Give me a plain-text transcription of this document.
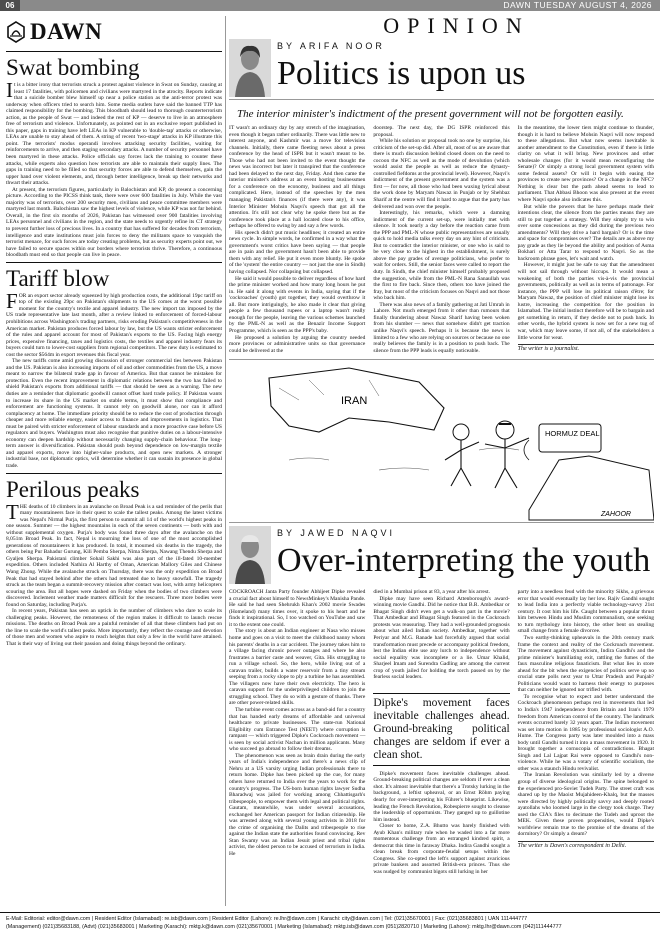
06	DAWN TUESDAY AUGUST 4, 2026
DAWN
Swat bombing

It is a bitter irony that terrorists struck a protest against violence in Swat on Sunday, causing at least 17 fatalities, with policemen and civilians were martyred in the atrocity. Reports indicate that a suicide bomber blew himself up near a police station as the anti-terror protest was underway when officers tried to search him. Some media outlets have said the banned TTP has claimed responsibility for the bombing. This bloodbath should lead to thorough counterterrorism action, as the people of Swat — and indeed the rest of KP — deserve to live in an atmosphere free of terrorism and violence. Unfortunately, as pointed out in an exclusive report published in this paper, gaps in training have left LEAs in KP vulnerable to 'double-tap' attacks or otherwise, LEAs are unable to stay ahead of them. A string of recent 'two-stage' attacks in KP illustrate this point. The terrorists' modus operandi involves attacking security facilities, waiting for reinforcements to arrive, and then staging secondary attacks. A number of security personnel have been martyred in these attacks. Police officials say forces lack the training to counter these attacks, while experts also question how terrorists are able to maintain their supply lines. The gaps in training need to be filled so that security forces are able to defend themselves, gain the upper hand over violent elements, and, through better intelligence, break up their networks and thwart their attacks.

At present, the terrorism figures, particularly in Balochistan and KP, do present a concerning picture. According to the PICSS think tank, there were over 600 fatalities in July. While the vast majority was of terrorists, over 200 security men, civilians and peace committee members were martyred last month. Balochistan saw the highest levels of violence, while KP was not far behind. Overall, in the first six months of 2026, Pakistan has witnessed over 900 fatalities involving LEAs personnel and civilians in the region, and the state needs to urgently refine its CT strategy to prevent further loss of precious lives. In a country that has suffered for decades from terrorism, intelligence and state institutions must join forces to deny the militants space to vanquish the terrorist menace, for such forces are today creating problems, but as security experts point out, we have failed to secure spaces within our borders where terrorists thrive. Therefore, a continuous bloodbath must end so that people can live in peace.

Tariff blow

FOR an export sector already squeezed by high production costs, the additional 19pc tariff on top of the existing 29pc on Pakistan's shipments to the US comes at the worst possible moment for the country's textile and apparel industry. The new import tax imposed by the US trade representative late last month, after a review linked to enforcement of forced-labour prohibitions across Washington's trading partners, risks eroding Pakistan's competitiveness in the American market. Pakistan produces forced labour by law, but the US wants stricter enforcement of the rules and apparel account for most of Pakistan's exports to the US. Facing high energy prices, expensive financing, taxes and logistics costs, the textiles and apparel industry fears its buyers could turn to lower-cost suppliers from regional competitors. The new duty is estimated to cost the sector $564m in export revenues this fiscal year.

The new tariffs come amid growing discussion of stronger commercial ties between Pakistan and the US. Pakistan is also increasing imports of oil and other commodities from the US, a move meant to narrow the bilateral trade gap in favour of America. But that cannot be mistaken for protection. Even the recent improvement in diplomatic relations between the two has failed to shield Pakistan's exports from additional tariffs — that should be seen as a warning. The new duties are a reminder that diplomatic goodwill cannot offset hard trade policy. If Pakistan wants to increase its share in the US market on stable terms, it must show that compliance and enforcement are functioning systems. It cannot rely on goodwill alone, nor can it afford complacency at home. The immediate priority should be to reduce the cost of production through cheaper and more reliable energy, easier access to finance and improvements in logistics. That must be paired with stricter enforcement of labour standards and a more proactive case before US regulators and buyers. Washington must also recognise that punitive duties on a labour-intensive economy can deepen hardship without necessarily changing supply-chain behaviour. The long-term answer is diversification. Pakistan should push beyond dependence on low-margin textile and apparel exports, move into higher-value products, and open new markets. A stronger industrial base, not diplomatic optics, will determine whether it can sustain its presence in global trade.

Perilous peaks

THE deaths of 10 climbers in an avalanche on Broad Peak is a sad reminder of the perils that many mountaineers face in their quest to scale the tallest peaks. Among the latest victims was Nepal's Nirmal Purja, the first person to summit all 14 of the world's highest peaks in one season. Summer — the highest mountains in each of the seven continents — both with and without supplemental oxygen. Purja's body was found three days after the avalanche on the 8,051m Broad Peak. In fact, Nepal is mourning the loss of one of the most accomplished generations of mountaineers it has produced. In total, it mourned six deaths in the tragedy, the others being Pur Bahadur Gurung, Kili Pemba Sherpa, Nima Sherpa, Nawang Thendu Sherpa and Gyaljen Sherpa. Pakistani climber Sohail Sakhi was also part of the ill-fated 10-member expedition. Others included Nathira Al Harthy of Oman, American Mallory Giles and Chinese Wang Zhong. While the avalanche struck on Thursday, there was the only expedition on Broad Peak that had stayed behind after the others had retreated due to heavy snowfall. The tragedy struck as the team began a summit-recovery mission after contact was lost, with army helicopters scouring the area. But all hopes were dashed on Friday when the bodies of two climbers were discovered. Inclement weather made matters difficult for the rescuers. Three more bodies were found on Saturday, including Purja's.

In recent years, Pakistan has seen an uptick in the number of climbers who dare to scale its challenging peaks. However, the remoteness of the region makes it difficult to launch rescue missions. The deaths on Broad Peak are a painful reminder of all that these climbers had put on the line to scale the world's tallest peaks. More importantly, they reflect the courage and devotion of those men and women who aspire to reach heights that only a few in the world have attained. That is their way of living out their passion and doing things beyond the ordinary.

OPINION
BY ARIFA NOOR
Politics is upon us
The interior minister's indictment of the present government will not be forgotten easily.

IT wasn't an ordinary day by any stretch of the imagination, even though it began rather ordinarily. There was little new to interest anyone, and Kashmir was a move for television channels. Initially, there came fleeting news about a press conference by the head of ISPR but it wasn't meant to be. Those who had not been invited to the event thought the news was incorrect but later it transpired that the conference had been delayed to the next day, Friday. And then came the interior minister's address at an event hosting businessmen for a conference on the economy, business and all things complicated. Here, instead of the speeches by the men managing Pakistan's finances (if there were any), it was Interior Minister Mohsin Naqvi's speech that got all the attention. It's still not clear why he spoke there but as the conference took place at a hall located close to his office, perhaps he offered to swing by and say a few words.

His speech didn't put music headlines; it created an entire news cycle. In simple words, he confirmed in a way what the government's worst critics have been saying — that people are in pain and the government hasn't been able to provide them with any relief. He put it even more bluntly. He spoke of the 'system' the entire country — not just the one in Sindh) having collapsed. Nor collapsing but collapsed.

He said it would possible to deliver regardless of how hard the prime minister worked and how many long hours he put in. He said it along with events in India, saying that if the 'cockroaches' (youth) got together, they would overthrow it all. But more intriguingly, he also made it clear that giving people a few thousand rupees or a laptop wasn't really enough for the people, leaving the various schemes launched by the PML-N as well as the Benazir Income Support Programme, which is seen as the PPP's baby.

He proposed a solution by arguing the country needed more provinces or administrative units so that governance could be delivered at the

doorstep. The next day, the DG ISPR reinforced this proposal.

While his solution or proposal took no one by surprise, his criticism of the set-up did. After all, most of us are aware that there is much discussion behind closed doors on the need to cocoon the NFC as well as the mode of devolution (which would assist the people as well as reduce the dynasty-controlled fiefdoms at the provincial level). However, Naqvi's indictment of the present government and the system was a first — for now, all those who had been waxing lyrical about the work done by Maryam Nawaz in Punjab or by Shehbaz Sharif at the centre will find it hard to argue that the party has delivered and won over the people.

Interestingly, his remarks, which were a damning indictment of the current set-up, were initially met with silence. It took nearly a day before the reaction came from the PPP and PML-N whose public representatives are usually quick to hold media talks every day on any hint of criticism. But to contradict the interior minister, or one who is said to be very close to the highest in the establishment, is surely above the pay grades of average politicians, who prefer to wait for orders. Still, the senior faces were called to report the duty. In Sindh, the chief minister himself probably proposed the suggestion, while from the PML-N Rana Sanaullah was the first to fire back. Since then, others too have joined the fray, but most of the criticism focuses on Naqvi and not those who back him.

There was also news of a family gathering at Jati Umrah in Lahore. Not much emerged from it other than rumours that finally thundering about Nawaz Sharif having been woken from his slumber — news that somehow didn't get traction unlike Naqvi's speech. Perhaps it is because the news is limited to a few who are relying on sources or because no one really believes the family is in a position to push back. The silence from the PPP leads is equally noticeable.

In the meantime, the lower tiers might continue to thunder, though it is hard to believe Mohsin Naqvi will now respond to these allegations. But what now seems inevitable is another amendment to the Constitution, even if there is little clarity on what it will bring. New provinces and other wholesale changes (for it would mean reconfiguring the Senate)? Or simply a strong local government system with some federal assets? Or will it begin with easing the provinces to create new provinces? Or a change in the NFC? Nothing is clear but the path ahead seems to lead to parliament. That Abbasi Bhoon was also present at the event where Naqvi spoke also indicates this.

But while the powers that be have perhaps made their intentions clear, the silence from the parties means they are still to put together a strategy. Will they simply try to win over some concessions as they did during the previous two amendments? Will they drive a hard bargain? Or is the time and space for compromises over? The details are as above my pay grade as they lie beyond the ability and position of Asma Bokhari or Atta Tarar to respond to Naqvi. So as the backroom phrase goes, let's wait and watch.

However, it might just be safe to say that the amendment will not sail through without hiccups. It would mean a weakening of both the parties vis-à-vis the provincial governments, politically as well as in terms of patronage. For instance, the PPP will lose its political raison d'être; for Maryam Nawaz, the position of chief minister might lose its lustre, increasing the competition for the position in Islamabad. The initial instinct therefore will be to bargain and get something in return, if they decide not to push back. In other words, the hybrid system is now set for a new tug of war, which may leave some, if not all, of the stakeholders a little worse for wear.

The writer is a journalist.
IRAN
HORMUZ DEAL
ZAHOOR
BY JAWED NAQVI
Over-interpreting the youth

COCKROACH Janta Party founder Abhijeet Dipke revealed a crucial fact about himself to NewsMinkey's Manisha Pande. He said he had seen Shehrukh Khan's 2002 movie Swades (Homeland) many times over, it spoke to his heart and he finds it inspirational. So, I too watched on YouTube and saw it to the extent one could.

The story is about an Indian engineer at Nasa who misses home and goes on a visit to meet the childhood nanny whom his parents' deaths in a car accident. The journey takes him to a village facing chronic power outages and where he also frustrates a barrier caste and weaver, Gita. His struggling to run a village school. So, the hero, while living out of a caravan trailer, builds a water reservoir from a tiny stream seeping from a rocky slope to ply a turbine he has assembled. The villagers now have their own electricity. The hero is caravan support for the underprivileged children to join the struggling school. They do so with a gesture of thanks. There are other power-related skills.

The turbine event comes across as a band-aid for a country that has handed early dreams of affordable and universal healthcare to private businesses. The state-run National Eligibility cum Entrance Test (NEET) where corruption is rampant — which triggered Dipke's Cockroach movement — is seen by social activist Nachan in million applicants. Many who succeed go abroad to follow their dreams.

The phenomenon was seen as brain drain during the early years of India's independence and there's a news clip of Nehru at a US varsity urging Indian professionals there to return home. Dipke has been picked up the cue, for many others have returned to India over the years to work for the country's progress. The US-born human rights lawyer Sudha Bharadwaj was jailed for working among Chhattisgarh's tribespeople, to empower them with legal and political rights. Gautam, meanwhile, was under several accusations, exchanged her American passport for Indian citizenship. He was arrested along with several young activists in 2018 for the crime of organising the Dalits and tribespeople to rise against the Indian state the authorities found convincing. Rev Stan Swamy was an Indian Jesuit priest and tribal rights activist, the oldest person to be accused of terrorism in India. He

died in a Mumbai prison at 83, a year after his arrest.

Dipke may have seen Richard Attenborough's award-winning movie Gandhi. Did he notice that B.R. Ambedkar or Bhagat Singh didn't even get a walk-on part in the movie? That Ambedkar and Bhagat Singh featured in the Cockroach protests was reassuring. They had a well-grounded prognosis about what ailed Indian society. Ambedkar, together with Periyar and M.G. Ranade had forcefully argued that social transformation must precede or accompany political freedom, lest the Indian elite use any lurch to independence without social equality was incomplete or a lie. Umar Khalid, Sharjeel Imam and Surendra Gadling are among the current crop of youth jailed for holding the torch passed on by the fearless social leaders.

Dipke's movement faces inevitable challenges ahead. Ground-breaking political changes are seldom if ever a clean shot.

Dipke's movement faces inevitable challenges ahead. Ground-breaking political changes are seldom if ever a clean shot. It's almost inevitable that there's a Trotsky lurking in the background, a leftist upheaval, or an Ernst Röhm paying dearly for over-interpreting his Führer's blueprint. Likewise, leading the French Revolution, Robespierre sought to cleanse the leadership of opportunists. They ganged up to guillotine him instead.

Closer to home, Z.A. Bhutto was barely finished with Ayub Khan's military rule when he waded into a far more momentous challenge from an estranged kindred spirit, a democrat this time in faraway Dhaka. Indira Gandhi sought a clean break from corporate-feudal setups within the Congress. She co-opted the left's support against avaricious private bankers and assorted British-era princes. Thus she was nudged by communist bigots still lurking in her

party into a needless feud with the minority Sikhs, a grievous error that would eventually lay her low. Rajiv Gandhi sought to lead India into a perfectly viable technology-savvy 21st century. It cost him his life. Caught between a popular thrust him between Hindu and Muslim communalism, one seeking to turn mythology into history, the other bent on stealing small change from a female divorcee.

Two earthy-thinking upheavals in the 20th century mark frame the context and reality of the Cockroach movement. The movement against dynasticism, Indira Gandhi's and the prime minister's humiliating exit, rattling the fumes of the faux masculine religious fanaticism. But what lies in store ahead for the bit when the exigencies of politics serve up no crucial state polls next year to Uttar Pradesh and Punjab? Politicians would want to harness their energy to purposes that can neither be ignored nor trifled with.

To recognise what to expect and better understand the Cockroach phenomenon perhaps rest in movements that led to India's 1947 independence from Britain and Iran's 1979 freedom from American control of the country. The landmark events occurred barely 32 years apart. The Indian movement was set into motion in 1885 by professional sociologist A.O. Hume. The Congress party was later moulded into a mass body until Gandhi turned it into a mass movement in 1920. It brought together a cornucopia of contradictions. Bhagat Singh and Lal Lajpat Rai were opposed to Gandhi's non-violence. While he was a votary of scientific socialism, the other was a staunch Hindu revivalist.

The Iranian Revolution was similarly led by a diverse group of diverse ideological origins. The spine belonged to the experienced pro-Soviet Tudeh Party. The street craft was shared up by the Maoist Mujahideen-Khalq, but the masses were directed by highly politically savvy and deeply rooted ayatollahs who loomed large in the clergy took charge. They used the CIA's files to decimate the Tudeh and uproot the MEK. Given these proven propensities, would Dipke's worldview remain true to the promise of the dreams of the dormitory? Or simply a dream?

The writer is Dawn's correspondent in Delhi.
E-Mail: Editorial: editor@dawn.com | Resident Editor (Islamabad): re.isb@dawn.com | Resident Editor (Lahore): re.lhr@dawn.com | Karachi: city@dawn.com | Tel: (021)35670001 | Fax: (021)35683801 | UAN 111444777
(Management) (021)35683188, (Advt) (021)35683001 | Marketing (Karachi): mktg.k@dawn.com (021)35670001 | Marketing (Islamabad): mktg.isb@dawn.com (051)2820710 | Marketing (Lahore): mktg.lhr@dawn.com (042)111444777
